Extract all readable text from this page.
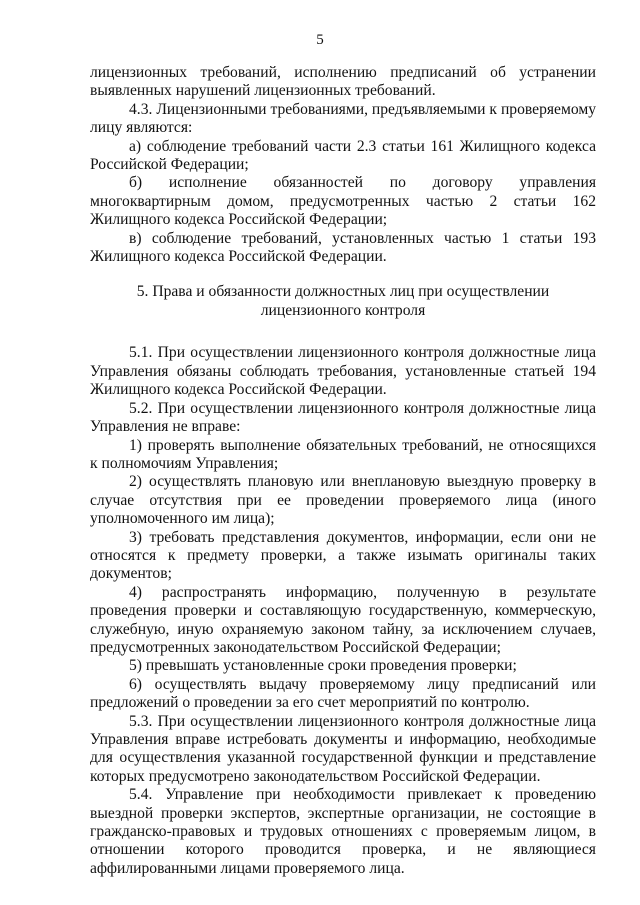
5

лицензионных требований, исполнению предписаний об устранении выявленных нарушений лицензионных требований.

4.3. Лицензионными требованиями, предъявляемыми к проверяемому лицу являются:

а) соблюдение требований части 2.3 статьи 161 Жилищного кодекса Российской Федерации;

б) исполнение обязанностей по договору управления многоквартирным домом, предусмотренных частью 2 статьи 162 Жилищного кодекса Российской Федерации;

в) соблюдение требований, установленных частью 1 статьи 193 Жилищного кодекса Российской Федерации.

5. Права и обязанности должностных лиц при осуществлении
лицензионного контроля

5.1. При осуществлении лицензионного контроля должностные лица Управления обязаны соблюдать требования, установленные статьей 194 Жилищного кодекса Российской Федерации.

5.2. При осуществлении лицензионного контроля должностные лица Управления не вправе:

1) проверять выполнение обязательных требований, не относящихся к полномочиям Управления;

2) осуществлять плановую или внеплановую выездную проверку в случае отсутствия при ее проведении проверяемого лица (иного уполномоченного им лица);

3) требовать представления документов, информации, если они не относятся к предмету проверки, а также изымать оригиналы таких документов;

4) распространять информацию, полученную в результате проведения проверки и составляющую государственную, коммерческую, служебную, иную охраняемую законом тайну, за исключением случаев, предусмотренных законодательством Российской Федерации;

5) превышать установленные сроки проведения проверки;

6) осуществлять выдачу проверяемому лицу предписаний или предложений о проведении за его счет мероприятий по контролю.

5.3. При осуществлении лицензионного контроля должностные лица Управления вправе истребовать документы и информацию, необходимые для осуществления указанной государственной функции и представление которых предусмотрено законодательством Российской Федерации.

5.4. Управление при необходимости привлекает к проведению выездной проверки экспертов, экспертные организации, не состоящие в гражданско-правовых и трудовых отношениях с проверяемым лицом, в отношении которого проводится проверка, и не являющиеся аффилированными лицами проверяемого лица.
